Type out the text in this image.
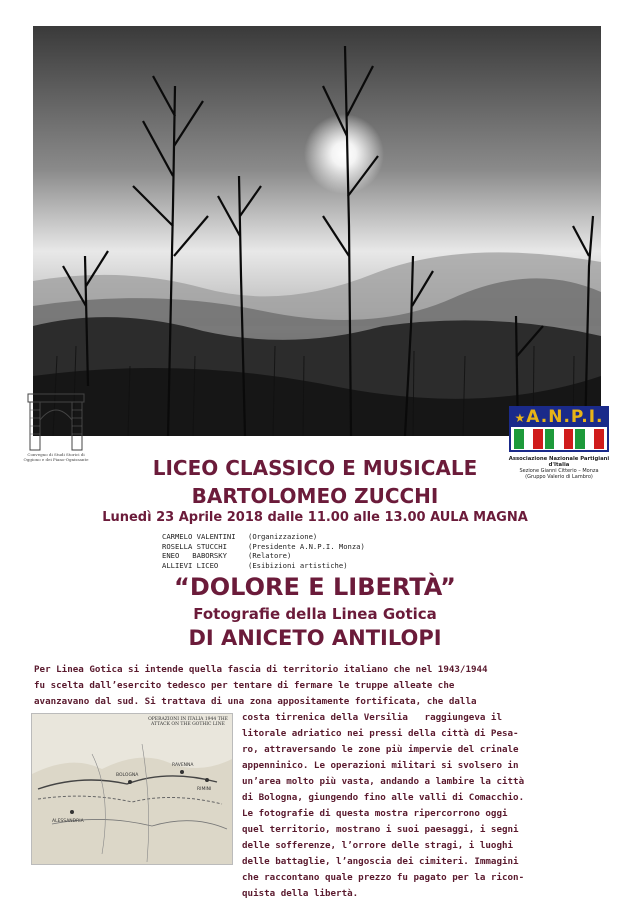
Convegno di Studi Storici di Oggiono e dei Piano-Ognissante
★A.N.P.I.
Associazione Nazionale Partigiani d'Italia
Sezione Gianni Citterio – Monza
(Gruppo Valerio di Lambro)
LICEO CLASSICO E MUSICALE
BARTOLOMEO ZUCCHI
Lunedì 23 Aprile 2018 dalle 11.00 alle 13.00 AULA MAGNA
CARMELO VALENTINI	(Organizzazione)
ROSELLA STUCCHI	(Presidente A.N.P.I. Monza)
ENEO   BABORSKY	(Relatore)
ALLIEVI LICEO	(Esibizioni artistiche)
“DOLORE E LIBERTÀ”
Fotografie della Linea Gotica
DI ANICETO ANTILOPI
Per Linea Gotica si intende quella fascia di territorio italiano che nel 1943/1944
fu scelta dall’esercito tedesco per tentare di fermare le truppe alleate che
avanzavano dal sud. Si trattava di una zona appositamente fortificata, che dalla
BOLOGNA
ALESSANDRIA
RAVENNA
RIMINI
OPERAZIONI IN ITALIA 1944 THE ATTACK ON THE GOTHIC LINE
costa tirrenica della Versilia   raggiungeva il
litorale adriatico nei pressi della città di Pesa-
ro, attraversando le zone più impervie del crinale
appenninico. Le operazioni militari si svolsero in
un’area molto più vasta, andando a lambire la città
di Bologna, giungendo fino alle valli di Comacchio.
Le fotografie di questa mostra ripercorrono oggi
quel territorio, mostrano i suoi paesaggi, i segni
delle sofferenze, l’orrore delle stragi, i luoghi
delle battaglie, l’angoscia dei cimiteri. Immagini
che raccontano quale prezzo fu pagato per la ricon-
quista della libertà.
